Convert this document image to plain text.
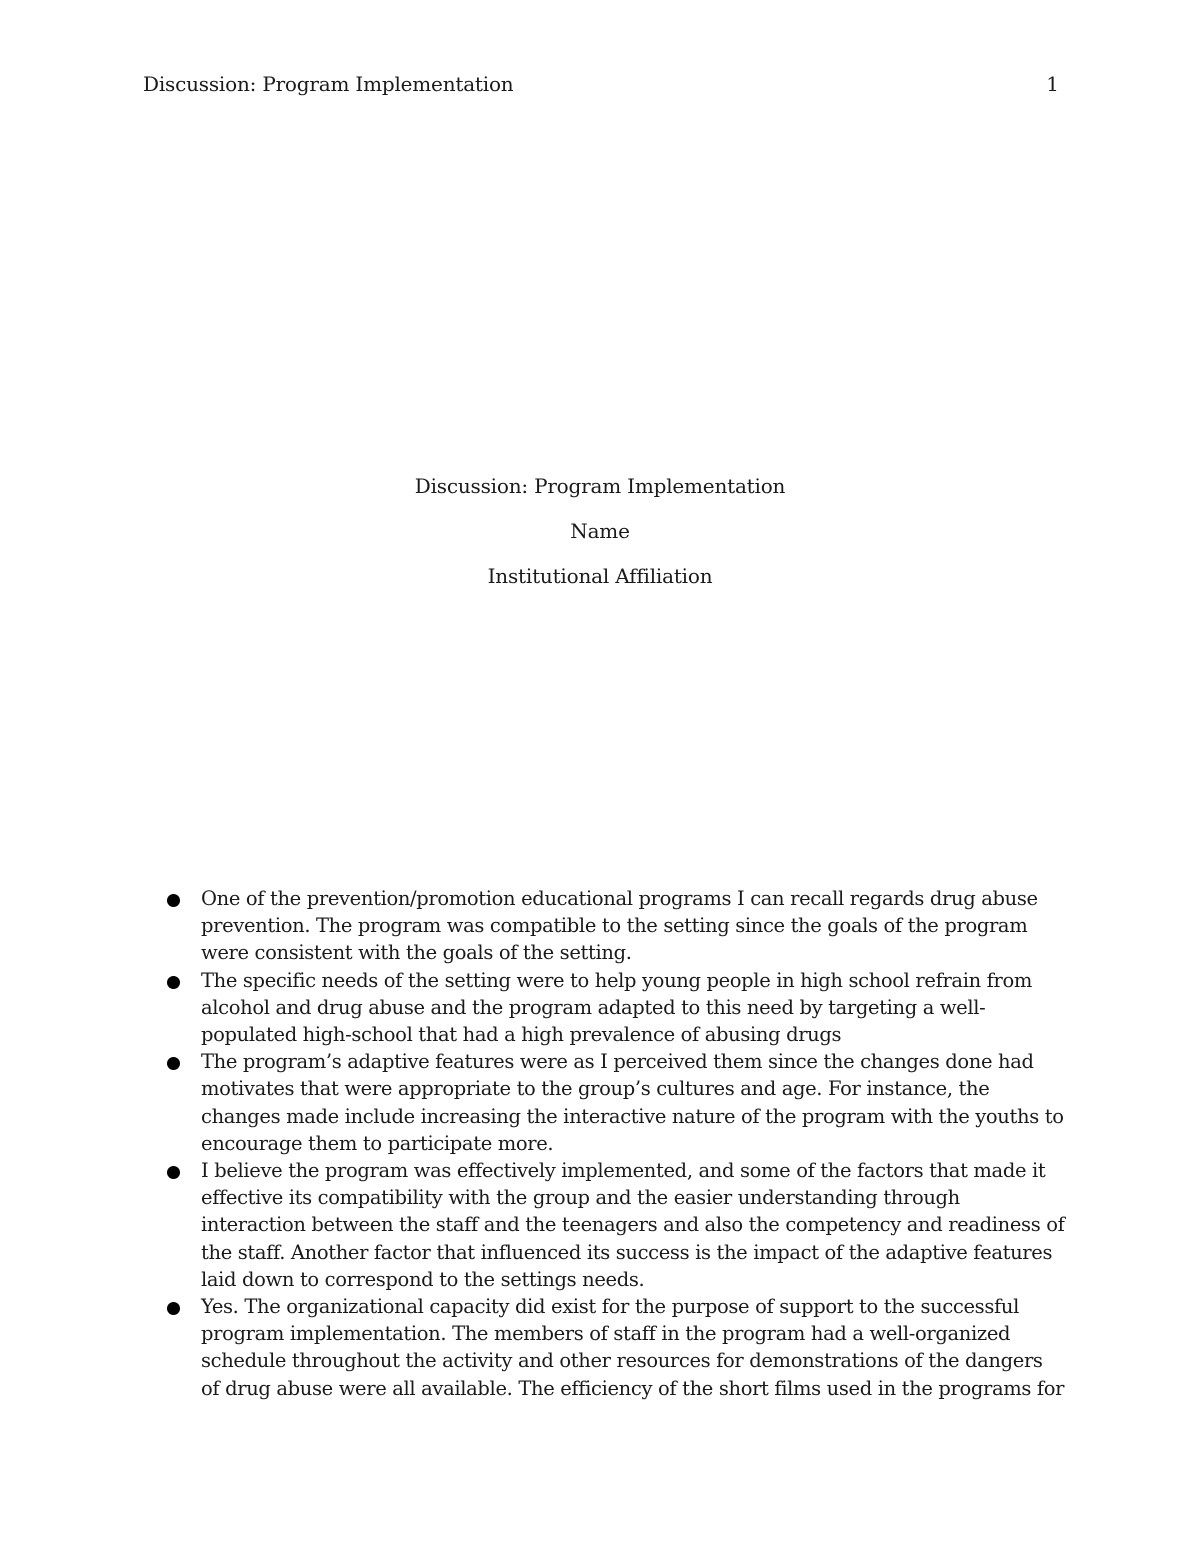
Discussion: Program Implementation	1
Discussion: Program Implementation
Name
Institutional Affiliation
One of the prevention/promotion educational programs I can recall regards drug abuse prevention. The program was compatible to the setting since the goals of the program were consistent with the goals of the setting.
The specific needs of the setting were to help young people in high school refrain from alcohol and drug abuse and the program adapted to this need by targeting a well-populated high-school that had a high prevalence of abusing drugs
The program’s adaptive features were as I perceived them since the changes done had motivates that were appropriate to the group’s cultures and age. For instance, the changes made include increasing the interactive nature of the program with the youths to encourage them to participate more.
I believe the program was effectively implemented, and some of the factors that made it effective its compatibility with the group and the easier understanding through interaction between the staff and the teenagers and also the competency and readiness of the staff. Another factor that influenced its success is the impact of the adaptive features laid down to correspond to the settings needs.
Yes. The organizational capacity did exist for the purpose of support to the successful program implementation. The members of staff in the program had a well-organized schedule throughout the activity and other resources for demonstrations of the dangers of drug abuse were all available. The efficiency of the short films used in the programs for
